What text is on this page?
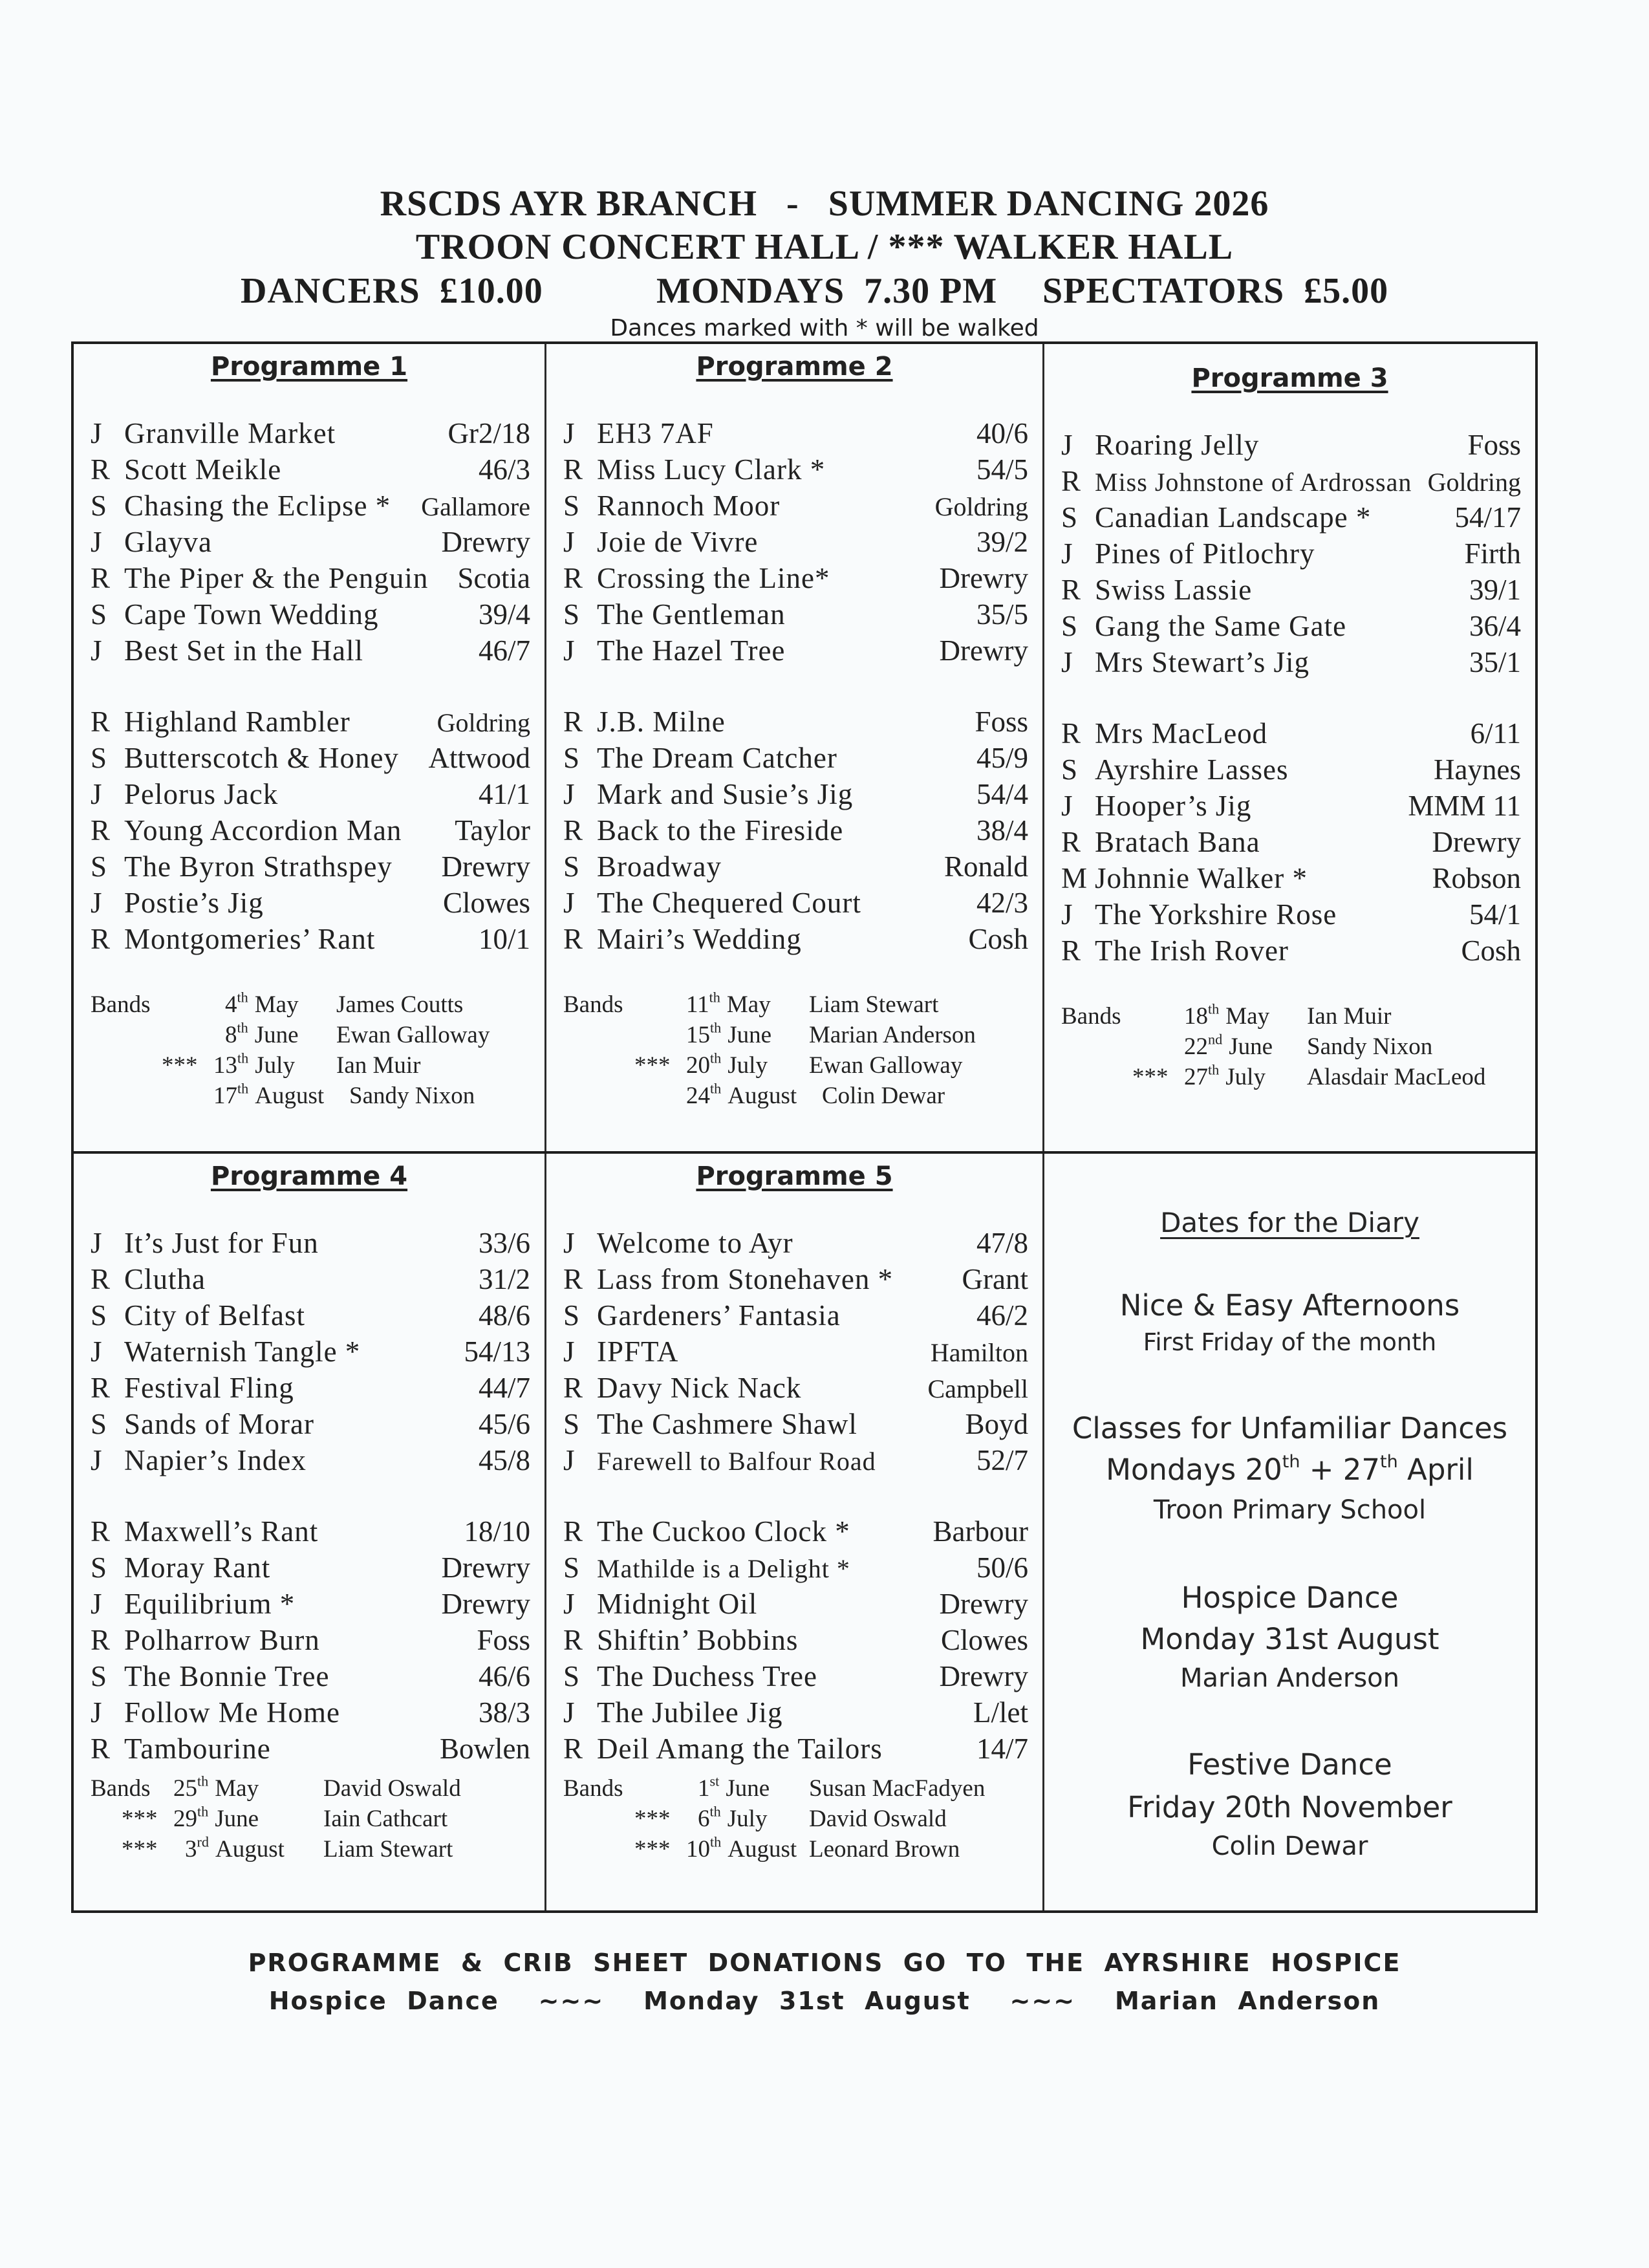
RSCDS AYR BRANCH   -   SUMMER DANCING 2026
TROON CONCERT HALL / *** WALKER HALL

DANCERS  £10.00

	MONDAYS  7.30 PM

SPECTATORS  £5.00

Dances marked with * will be walked
Programme 1
J Granville Market	Gr2/18
R Scott Meikle	46/3
S Chasing the Eclipse *	Gallamore
J Glayva	Drewry
R The Piper & the Penguin	Scotia
S Cape Town Wedding	39/4
J Best Set in the Hall	46/7
R Highland Rambler	Goldring
S Butterscotch & Honey	Attwood
J Pelorus Jack	41/1
R Young Accordion Man	Taylor
S The Byron Strathspey	Drewry
J Postie’s Jig	Clowes
R Montgomeries’ Rant	10/1
Bands	4th May James Coutts
8th June Ewan Galloway
*** 13th July Ian Muir
17th August Sandy Nixon
Programme 2
J EH3 7AF	40/6
R Miss Lucy Clark *	54/5
S Rannoch Moor	Goldring
J Joie de Vivre	39/2
R Crossing the Line*	Drewry
S The Gentleman	35/5
J The Hazel Tree	Drewry
R J.B. Milne	Foss
S The Dream Catcher	45/9
J Mark and Susie’s Jig	54/4
R Back to the Fireside	38/4
S Broadway	Ronald
J The Chequered Court	42/3
R Mairi’s Wedding	Cosh
Bands	11th May Liam Stewart
15th June Marian Anderson
*** 20th July Ewan Galloway
24th August Colin Dewar
Programme 3
J Roaring Jelly	Foss
R Miss Johnstone of Ardrossan Goldring
S Canadian Landscape *	54/17
J Pines of Pitlochry	Firth
R Swiss Lassie	39/1
S Gang the Same Gate	36/4
J Mrs Stewart’s Jig	35/1
R Mrs MacLeod	6/11
S Ayrshire Lasses	Haynes
J Hooper’s Jig	MMM 11
R Bratach Bana	Drewry
M Johnnie Walker *	Robson
J The Yorkshire Rose	54/1
R The Irish Rover	Cosh
Bands	18th May Ian Muir
22nd June Sandy Nixon
*** 27th July Alasdair MacLeod
Programme 4
J It’s Just for Fun	33/6
R Clutha	31/2
S City of Belfast	48/6
J Waternish Tangle *	54/13
R Festival Fling	44/7
S Sands of Morar	45/6
J Napier’s Index	45/8
R Maxwell’s Rant	18/10
S Moray Rant	Drewry
J Equilibrium *	Drewry
R Polharrow Burn	Foss
S The Bonnie Tree	46/6
J Follow Me Home	38/3
R Tambourine	Bowlen
Bands 25th May	David Oswald
*** 29th June	Iain Cathcart
*** 3rd August Liam Stewart
Programme 5
J Welcome to Ayr	47/8
R Lass from Stonehaven *	Grant
S Gardeners’ Fantasia	46/2
J IPFTA	Hamilton
R Davy Nick Nack	Campbell
S The Cashmere Shawl	Boyd
J Farewell to Balfour Road	52/7
R The Cuckoo Clock *	Barbour
S Mathilde is a Delight *	50/6
J Midnight Oil	Drewry
R Shiftin’ Bobbins	Clowes
S The Duchess Tree	Drewry
J The Jubilee Jig	L/let
R Deil Amang the Tailors	14/7
Bands	1st June Susan MacFadyen
*** 6th July David Oswald
*** 10th August Leonard Brown
Dates for the Diary
Nice & Easy Afternoons
First Friday of the month
Classes for Unfamiliar Dances
Mondays 20th + 27th April
Troon Primary School
Hospice Dance
Monday 31st August
Marian Anderson
Festive Dance
Friday 20th November
Colin Dewar
PROGRAMME  &  CRIB  SHEET  DONATIONS  GO  TO  THE  AYRSHIRE  HOSPICE
Hospice  Dance    ~~~    Monday  31st  August    ~~~    Marian  Anderson
